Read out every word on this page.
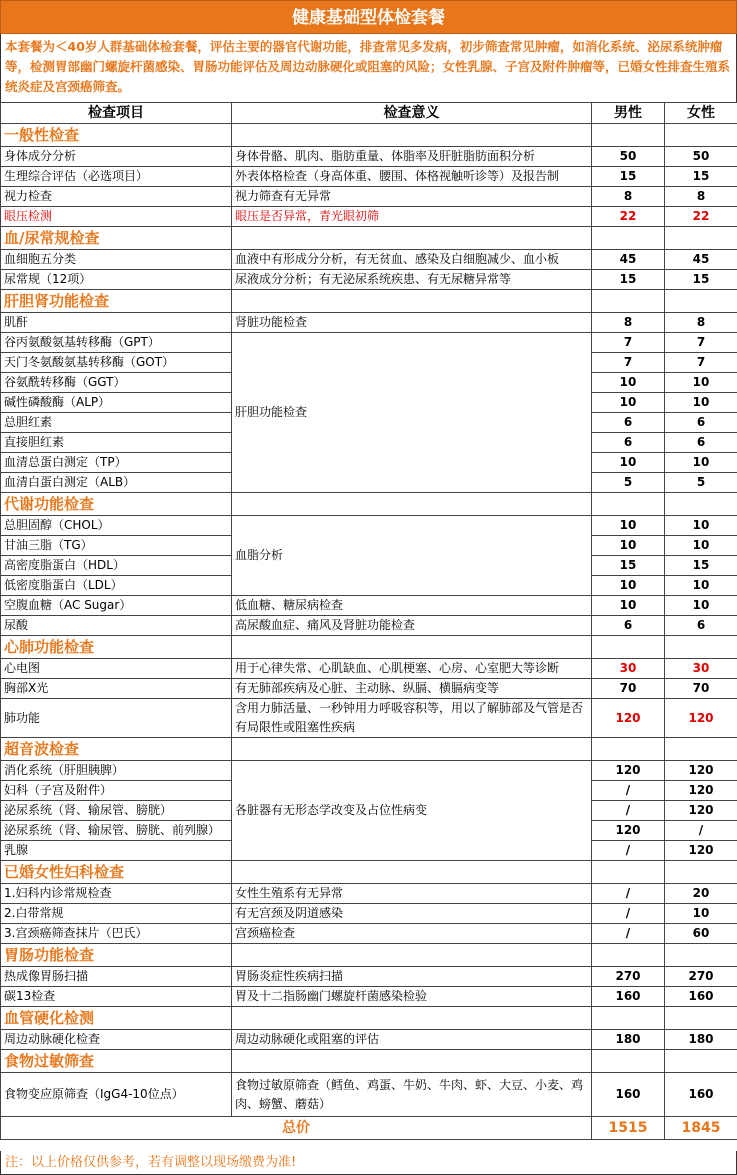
健康基础型体检套餐
本套餐为＜40岁人群基础体检套餐，评估主要的器官代谢功能，排查常见多发病，初步筛查常见肿瘤，如消化系统、泌尿系统肿瘤等，检测胃部幽门螺旋杆菌感染、胃肠功能评估及周边动脉硬化或阻塞的风险；女性乳腺、子宫及附件肿瘤等，已婚女性排查生殖系统炎症及宫颈癌筛查。
检查项目	检查意义	男性	女性
一般性检查			
身体成分分析	身体骨骼、肌肉、脂肪重量、体脂率及肝脏脂肪面积分析	50	50
生理综合评估（必选项目）	外表体格检查（身高体重、腰围、体格视触听诊等）及报告制	15	15
视力检查	视力筛查有无异常	8	8
眼压检测	眼压是否异常，青光眼初筛	22	22
血/尿常规检查			
血细胞五分类	血液中有形成分分析，有无贫血、感染及白细胞减少、血小板	45	45
尿常规（12项）	尿液成分分析；有无泌尿系统疾患、有无尿糖异常等	15	15
肝胆肾功能检查			
肌酐	肾脏功能检查	8	8
谷丙氨酸氨基转移酶（GPT）	肝胆功能检查	7	7
天门冬氨酸氨基转移酶（GOT）		7	7
谷氨酰转移酶（GGT）		10	10
碱性磷酸酶（ALP）		10	10
总胆红素		6	6
直接胆红素		6	6
血清总蛋白测定（TP）		10	10
血清白蛋白测定（ALB）		5	5
代谢功能检查			
总胆固醇（CHOL）	血脂分析	10	10
甘油三脂（TG）		10	10
高密度脂蛋白（HDL）		15	15
低密度脂蛋白（LDL）		10	10
空腹血糖（AC Sugar）	低血糖、糖尿病检查	10	10
尿酸	高尿酸血症、痛风及肾脏功能检查	6	6
心肺功能检查			
心电图	用于心律失常、心肌缺血、心肌梗塞、心房、心室肥大等诊断	30	30
胸部X光	有无肺部疾病及心脏、主动脉、纵膈、横膈病变等	70	70
肺功能	含用力肺活量、一秒钟用力呼吸容积等，用以了解肺部及气管是否有局限性或阻塞性疾病	120	120
超音波检查			
消化系统（肝胆胰脾）	各脏器有无形态学改变及占位性病变	120	120
妇科（子宫及附件）		/	120
泌尿系统（肾、输尿管、膀胱）		/	120
泌尿系统（肾、输尿管、膀胱、前列腺）		120	/
乳腺		/	120
已婚女性妇科检查			
1.妇科内诊常规检查	女性生殖系有无异常	/	20
2.白带常规	有无宫颈及阴道感染	/	10
3.宫颈癌筛查抹片（巴氏）	宫颈癌检查	/	60
胃肠功能检查			
热成像胃肠扫描	胃肠炎症性疾病扫描	270	270
碳13检查	胃及十二指肠幽门螺旋杆菌感染检验	160	160
血管硬化检测			
周边动脉硬化检查	周边动脉硬化或阻塞的评估	180	180
食物过敏筛查			
食物变应原筛查（IgG4-10位点）	食物过敏原筛查（鳕鱼、鸡蛋、牛奶、牛肉、虾、大豆、小麦、鸡肉、螃蟹、蘑菇）	160	160
总价		1515	1845
注：以上价格仅供参考，若有调整以现场缴费为准!
